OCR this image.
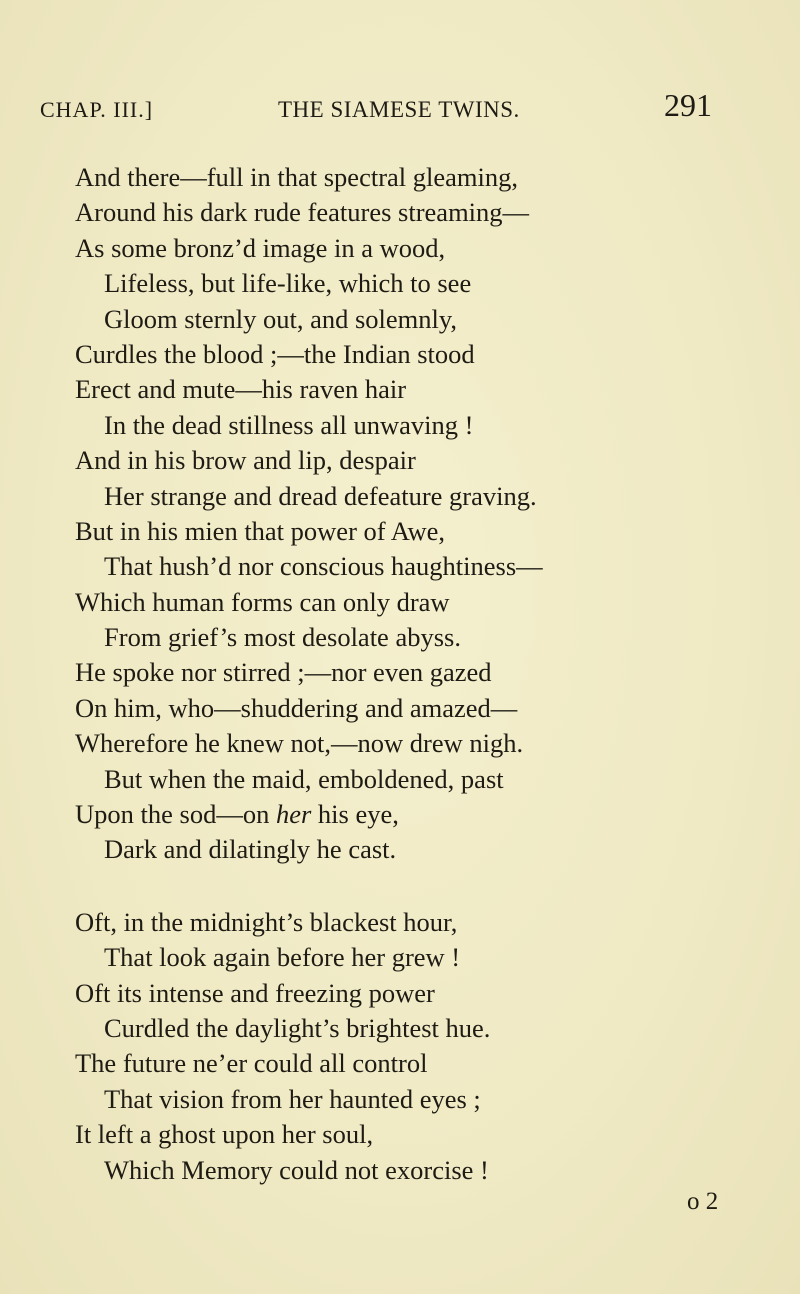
CHAP. III.]	THE SIAMESE TWINS.	291
And there—full in that spectral gleaming,
Around his dark rude features streaming—
As some bronz’d image in a wood,
Lifeless, but life-like, which to see
Gloom sternly out, and solemnly,
Curdles the blood ;—the Indian stood
Erect and mute—his raven hair
In the dead stillness all unwaving !
And in his brow and lip, despair
Her strange and dread defeature graving.
But in his mien that power of Awe,
That hush’d nor conscious haughtiness—
Which human forms can only draw
From grief’s most desolate abyss.
He spoke nor stirred ;—nor even gazed
On him, who—shuddering and amazed—
Wherefore he knew not,—now drew nigh.
But when the maid, emboldened, past
Upon the sod—on her his eye,
Dark and dilatingly he cast.
Oft, in the midnight’s blackest hour,
That look again before her grew !
Oft its intense and freezing power
Curdled the daylight’s brightest hue.
The future ne’er could all control
That vision from her haunted eyes ;
It left a ghost upon her soul,
Which Memory could not exorcise !
o 2
